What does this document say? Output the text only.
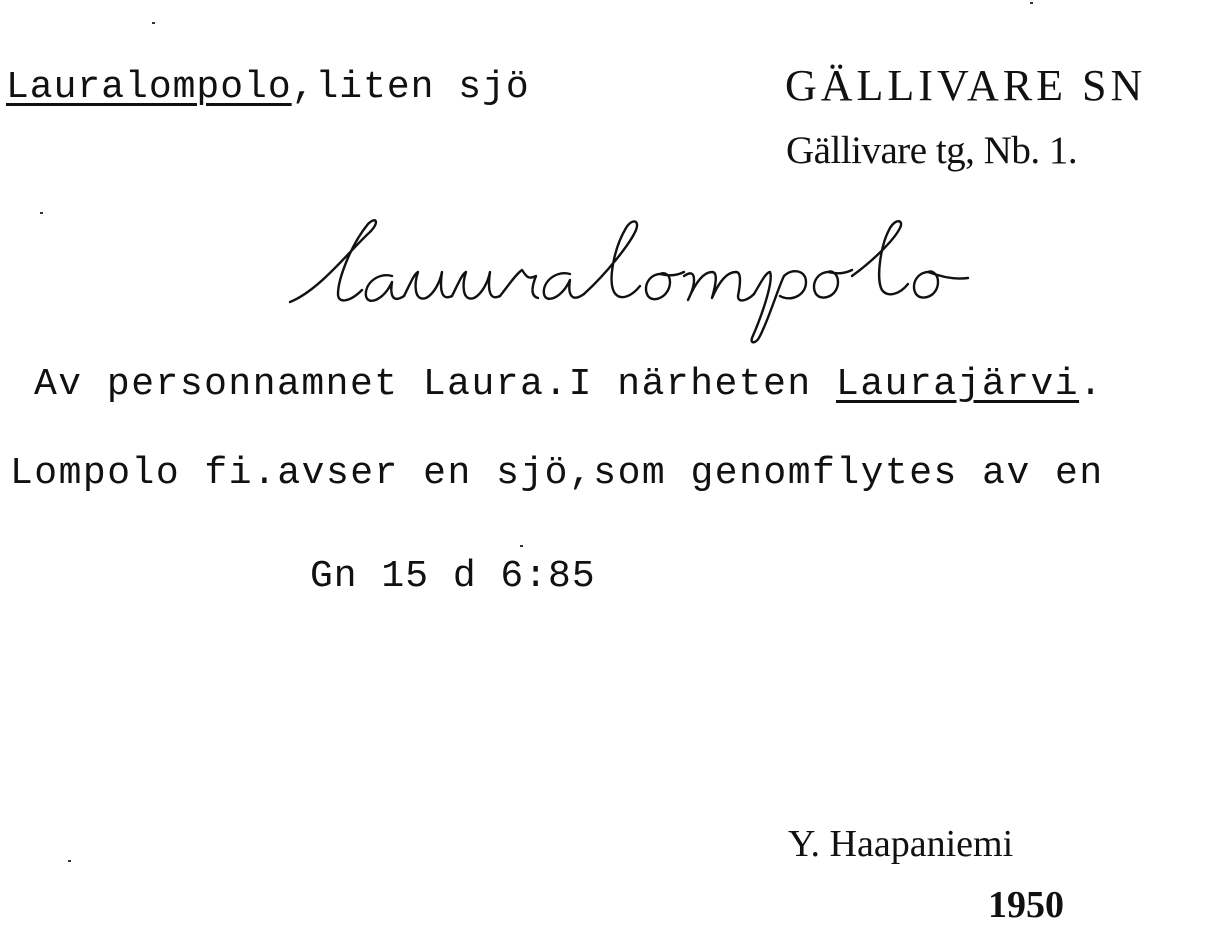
Lauralompolo,liten sjö	GÄLLIVARE SN
Gällivare tg, Nb. 1.
Av personnamnet Laura.I närheten Laurajärvi.
Lompolo fi.avser en sjö,som genomflytes av en
Gn 15 d 6:85
Y. Haapaniemi
1950
